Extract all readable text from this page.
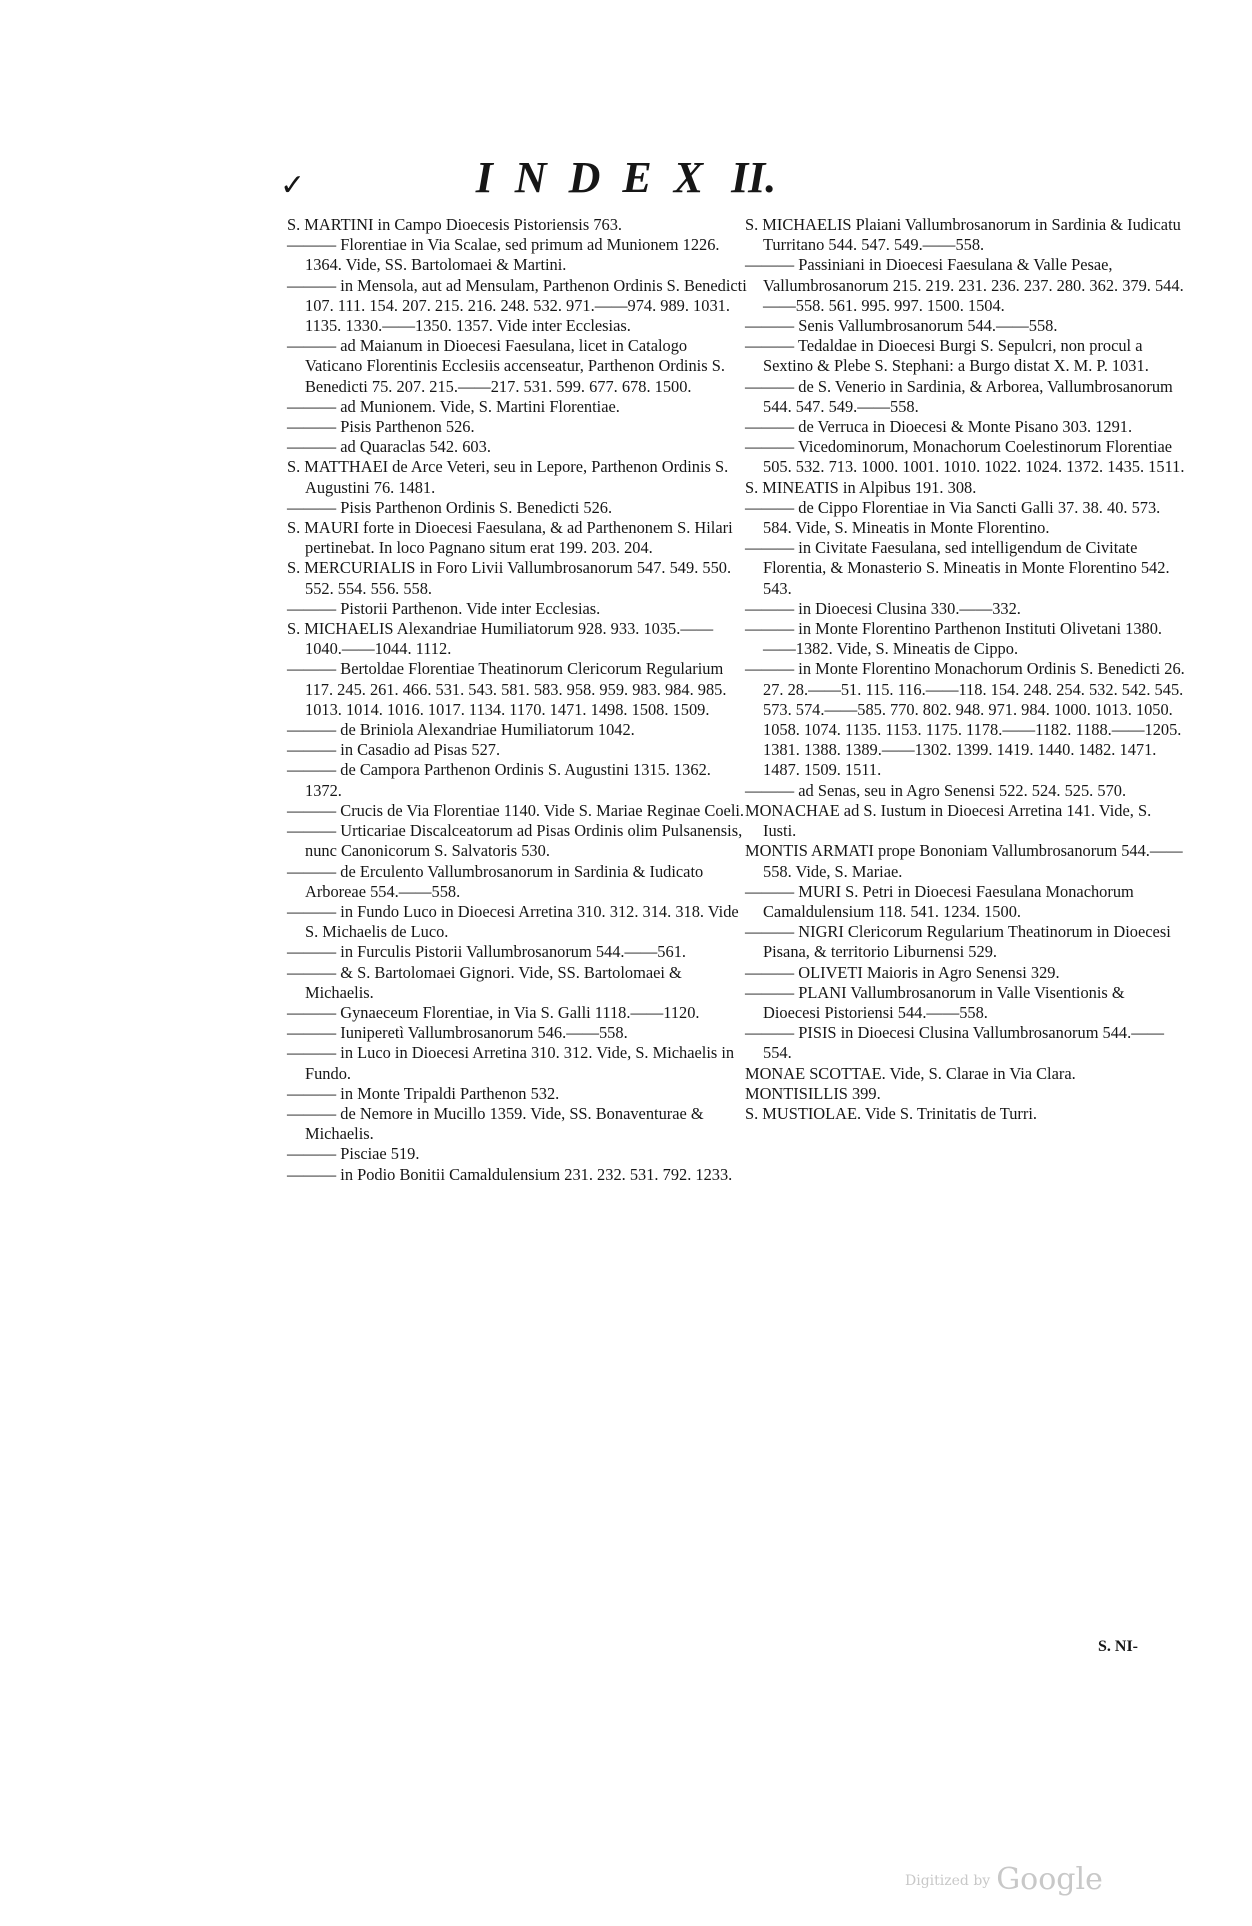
✓	INDEX II.
S. MARTINI in Campo Dioecesis Pistoriensis 763.
——— Florentiae in Via Scalae, sed primum ad Munionem 1226. 1364. Vide, SS. Bartolomaei & Martini.
——— in Mensola, aut ad Mensulam, Parthenon Ordinis S. Benedicti 107. 111. 154. 207. 215. 216. 248. 532. 971.——974. 989. 1031. 1135. 1330.——1350. 1357. Vide inter Ecclesias.
——— ad Maianum in Dioecesi Faesulana, licet in Catalogo Vaticano Florentinis Ecclesiis accenseatur, Parthenon Ordinis S. Benedicti 75. 207. 215.——217. 531. 599. 677. 678. 1500.
——— ad Munionem. Vide, S. Martini Florentiae.
——— Pisis Parthenon 526.
——— ad Quaraclas 542. 603.
S. MATTHAEI de Arce Veteri, seu in Lepore, Parthenon Ordinis S. Augustini 76. 1481.
——— Pisis Parthenon Ordinis S. Benedicti 526.
S. MAURI forte in Dioecesi Faesulana, & ad Parthenonem S. Hilari pertinebat. In loco Pagnano situm erat 199. 203. 204.
S. MERCURIALIS in Foro Livii Vallumbrosanorum 547. 549. 550. 552. 554. 556. 558.
——— Pistorii Parthenon. Vide inter Ecclesias.
S. MICHAELIS Alexandriae Humiliatorum 928. 933. 1035.——1040.——1044. 1112.
——— Bertoldae Florentiae Theatinorum Clericorum Regularium 117. 245. 261. 466. 531. 543. 581. 583. 958. 959. 983. 984. 985. 1013. 1014. 1016. 1017. 1134. 1170. 1471. 1498. 1508. 1509.
——— de Briniola Alexandriae Humiliatorum 1042.
——— in Casadio ad Pisas 527.
——— de Campora Parthenon Ordinis S. Augustini 1315. 1362. 1372.
——— Crucis de Via Florentiae 1140. Vide S. Mariae Reginae Coeli.
——— Urticariae Discalceatorum ad Pisas Ordinis olim Pulsanensis, nunc Canonicorum S. Salvatoris 530.
——— de Erculento Vallumbrosanorum in Sardinia & Iudicato Arboreae 554.——558.
——— in Fundo Luco in Dioecesi Arretina 310. 312. 314. 318. Vide S. Michaelis de Luco.
——— in Furculis Pistorii Vallumbrosanorum 544.——561.
——— & S. Bartolomaei Gignori. Vide, SS. Bartolomaei & Michaelis.
——— Gynaeceum Florentiae, in Via S. Galli 1118.——1120.
——— Iuniperetì Vallumbrosanorum 546.——558.
——— in Luco in Dioecesi Arretina 310. 312. Vide, S. Michaelis in Fundo.
——— in Monte Tripaldi Parthenon 532.
——— de Nemore in Mucillo 1359. Vide, SS. Bonaventurae & Michaelis.
——— Pisciae 519.
——— in Podio Bonitii Camaldulensium 231. 232. 531. 792. 1233.
S. MICHAELIS Plaiani Vallumbrosanorum in Sardinia & Iudicatu Turritano 544. 547. 549.——558.
——— Passiniani in Dioecesi Faesulana & Valle Pesae, Vallumbrosanorum 215. 219. 231. 236. 237. 280. 362. 379. 544.——558. 561. 995. 997. 1500. 1504.
——— Senis Vallumbrosanorum 544.——558.
——— Tedaldae in Dioecesi Burgi S. Sepulcri, non procul a Sextino & Plebe S. Stephani: a Burgo distat X. M. P. 1031.
——— de S. Venerio in Sardinia, & Arborea, Vallumbrosanorum 544. 547. 549.——558.
——— de Verruca in Dioecesi & Monte Pisano 303. 1291.
——— Vicedominorum, Monachorum Coelestinorum Florentiae 505. 532. 713. 1000. 1001. 1010. 1022. 1024. 1372. 1435. 1511.
S. MINEATIS in Alpibus 191. 308.
——— de Cippo Florentiae in Via Sancti Galli 37. 38. 40. 573. 584. Vide, S. Mineatis in Monte Florentino.
——— in Civitate Faesulana, sed intelligendum de Civitate Florentia, & Monasterio S. Mineatis in Monte Florentino 542. 543.
——— in Dioecesi Clusina 330.——332.
——— in Monte Florentino Parthenon Instituti Olivetani 1380.——1382. Vide, S. Mineatis de Cippo.
——— in Monte Florentino Monachorum Ordinis S. Benedicti 26. 27. 28.——51. 115. 116.——118. 154. 248. 254. 532. 542. 545. 573. 574.——585. 770. 802. 948. 971. 984. 1000. 1013. 1050. 1058. 1074. 1135. 1153. 1175. 1178.——1182. 1188.——1205. 1381. 1388. 1389.——1302. 1399. 1419. 1440. 1482. 1471. 1487. 1509. 1511.
——— ad Senas, seu in Agro Senensi 522. 524. 525. 570.
MONACHAE ad S. Iustum in Dioecesi Arretina 141. Vide, S. Iusti.
MONTIS ARMATI prope Bononiam Vallumbrosanorum 544.——558. Vide, S. Mariae.
——— MURI S. Petri in Dioecesi Faesulana Monachorum Camaldulensium 118. 541. 1234. 1500.
——— NIGRI Clericorum Regularium Theatinorum in Dioecesi Pisana, & territorio Liburnensi 529.
——— OLIVETI Maioris in Agro Senensi 329.
——— PLANI Vallumbrosanorum in Valle Visentionis & Dioecesi Pistoriensi 544.——558.
——— PISIS in Dioecesi Clusina Vallumbrosanorum 544.——554.
MONAE SCOTTAE. Vide, S. Clarae in Via Clara.
MONTISILLIS 399.
S. MUSTIOLAE. Vide S. Trinitatis de Turri.
S. NI-
Digitized by Google
